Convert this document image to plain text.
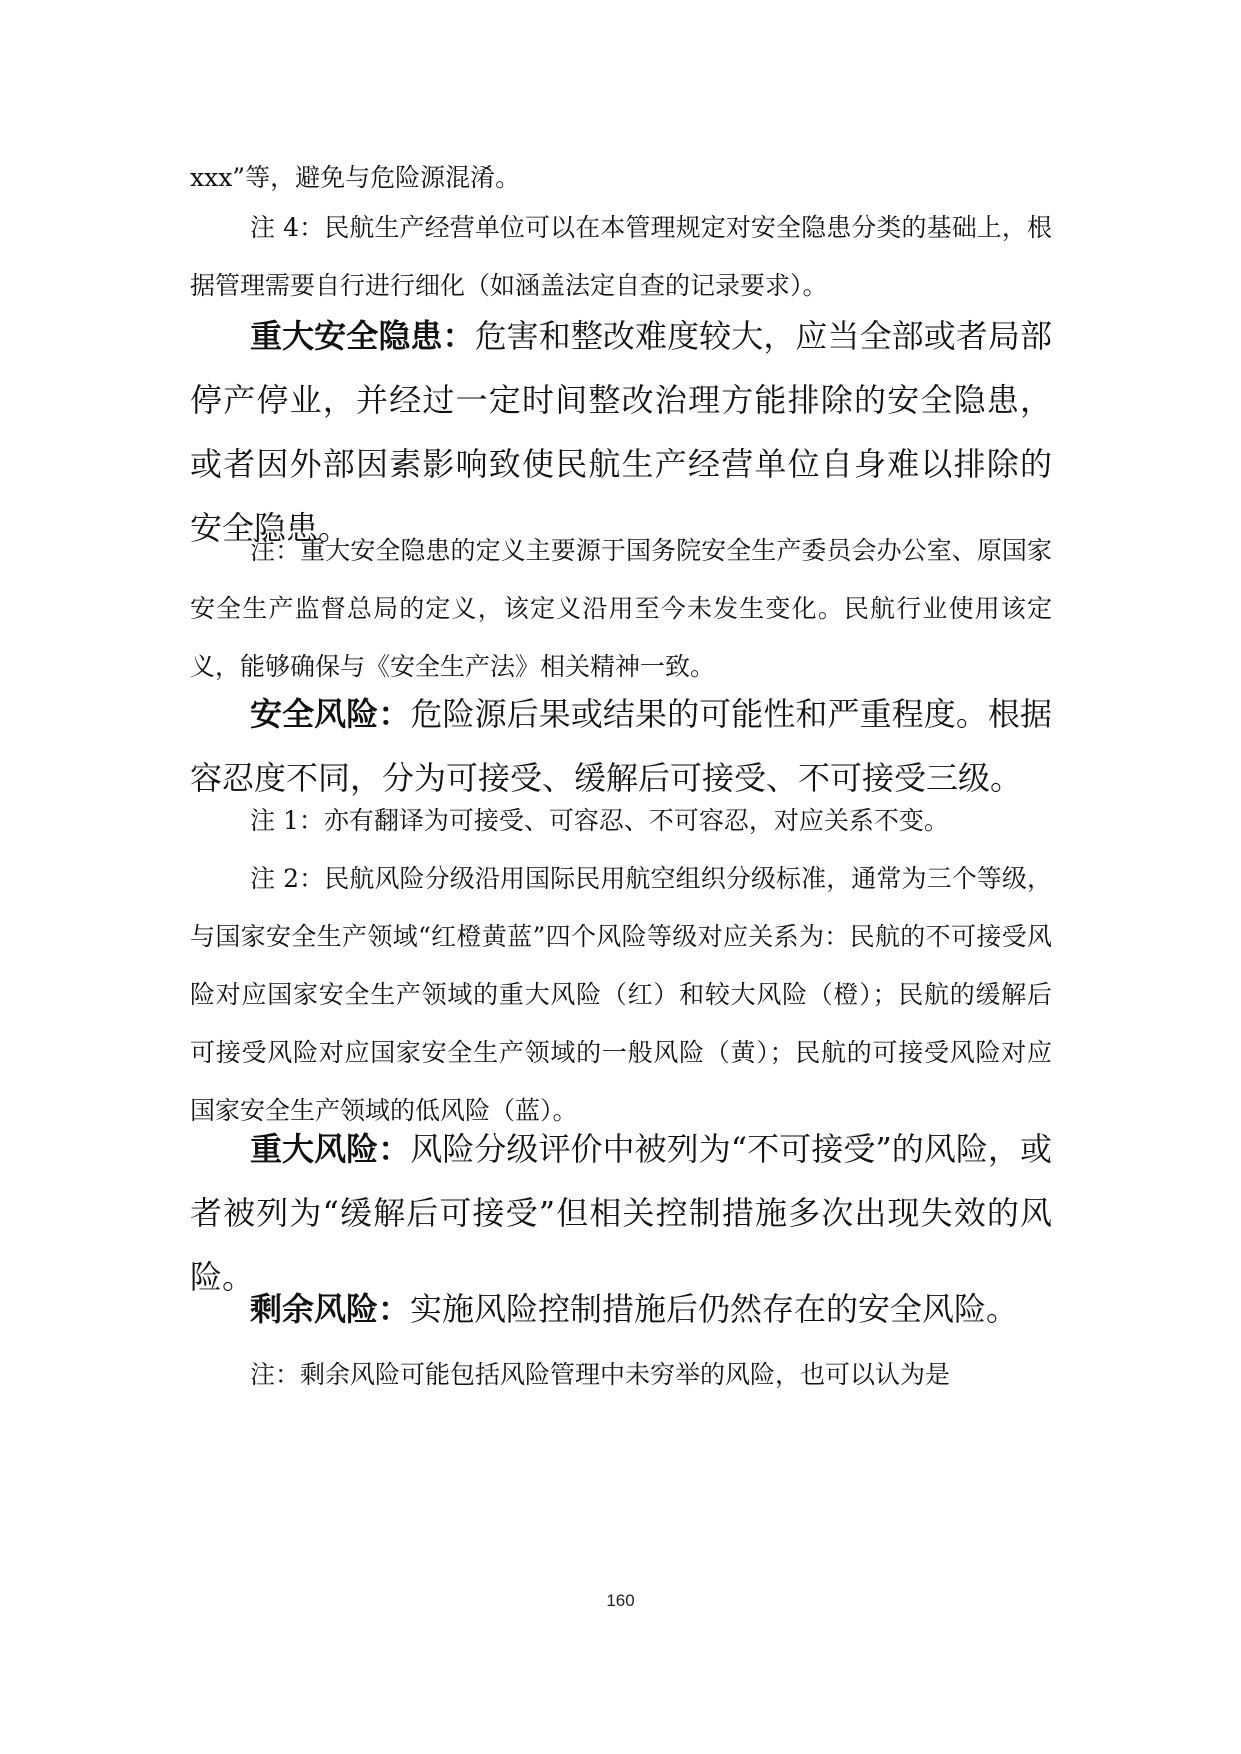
xxx”等，避免与危险源混淆。

注 4：民航生产经营单位可以在本管理规定对安全隐患分类的基础上，根据管理需要自行进行细化（如涵盖法定自查的记录要求）。

重大安全隐患：危害和整改难度较大，应当全部或者局部停产停业，并经过一定时间整改治理方能排除的安全隐患，或者因外部因素影响致使民航生产经营单位自身难以排除的安全隐患。

注：重大安全隐患的定义主要源于国务院安全生产委员会办公室、原国家安全生产监督总局的定义，该定义沿用至今未发生变化。民航行业使用该定义，能够确保与《安全生产法》相关精神一致。

安全风险：危险源后果或结果的可能性和严重程度。根据容忍度不同，分为可接受、缓解后可接受、不可接受三级。

注 1：亦有翻译为可接受、可容忍、不可容忍，对应关系不变。

注 2：民航风险分级沿用国际民用航空组织分级标准，通常为三个等级，与国家安全生产领域“红橙黄蓝”四个风险等级对应关系为：民航的不可接受风险对应国家安全生产领域的重大风险（红）和较大风险（橙）；民航的缓解后可接受风险对应国家安全生产领域的一般风险（黄）；民航的可接受风险对应国家安全生产领域的低风险（蓝）。

重大风险：风险分级评价中被列为“不可接受”的风险，或者被列为“缓解后可接受”但相关控制措施多次出现失效的风险。

剩余风险：实施风险控制措施后仍然存在的安全风险。

注：剩余风险可能包括风险管理中未穷举的风险，也可以认为是

160
